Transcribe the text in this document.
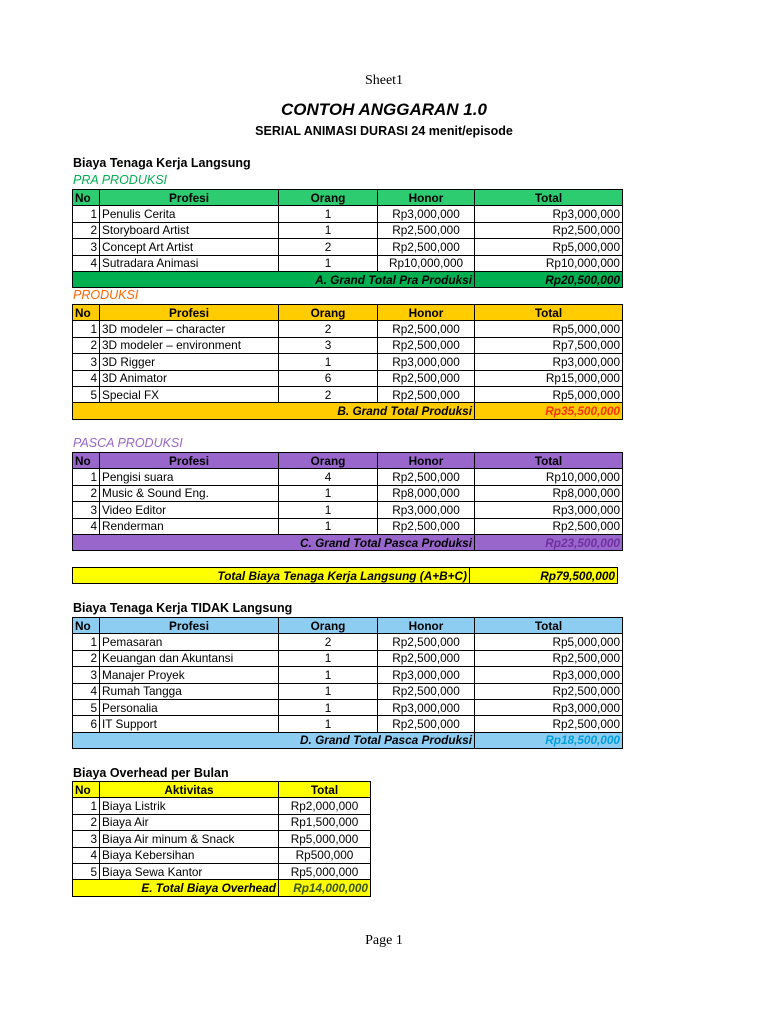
Sheet1
CONTOH ANGGARAN 1.0
SERIAL ANIMASI DURASI 24 menit/episode
Biaya Tenaga Kerja Langsung
PRA PRODUKSI
No	Profesi	Orang	Honor	Total
1	Penulis Cerita	1	Rp3,000,000	Rp3,000,000
2	Storyboard Artist	1	Rp2,500,000	Rp2,500,000
3	Concept Art Artist	2	Rp2,500,000	Rp5,000,000
4	Sutradara Animasi	1	Rp10,000,000	Rp10,000,000
A. Grand Total Pra Produksi				Rp20,500,000
PRODUKSI
No	Profesi	Orang	Honor	Total
1	3D modeler – character	2	Rp2,500,000	Rp5,000,000
2	3D modeler – environment	3	Rp2,500,000	Rp7,500,000
3	3D Rigger	1	Rp3,000,000	Rp3,000,000
4	3D Animator	6	Rp2,500,000	Rp15,000,000
5	Special FX	2	Rp2,500,000	Rp5,000,000
B. Grand Total Produksi				Rp35,500,000
PASCA PRODUKSI
No	Profesi	Orang	Honor	Total
1	Pengisi suara	4	Rp2,500,000	Rp10,000,000
2	Music & Sound Eng.	1	Rp8,000,000	Rp8,000,000
3	Video Editor	1	Rp3,000,000	Rp3,000,000
4	Renderman	1	Rp2,500,000	Rp2,500,000
C. Grand Total Pasca Produksi				Rp23,500,000
Total Biaya Tenaga Kerja Langsung (A+B+C)	Rp79,500,000
Biaya Tenaga Kerja TIDAK Langsung
No	Profesi	Orang	Honor	Total
1	Pemasaran	2	Rp2,500,000	Rp5,000,000
2	Keuangan dan Akuntansi	1	Rp2,500,000	Rp2,500,000
3	Manajer Proyek	1	Rp3,000,000	Rp3,000,000
4	Rumah Tangga	1	Rp2,500,000	Rp2,500,000
5	Personalia	1	Rp3,000,000	Rp3,000,000
6	IT Support	1	Rp2,500,000	Rp2,500,000
D. Grand Total Pasca Produksi				Rp18,500,000
Biaya Overhead per Bulan
No	Aktivitas	Total
1	Biaya Listrik	Rp2,000,000
2	Biaya Air	Rp1,500,000
3	Biaya Air minum & Snack	Rp5,000,000
4	Biaya Kebersihan	Rp500,000
5	Biaya Sewa Kantor	Rp5,000,000
E. Total Biaya Overhead		Rp14,000,000
Page 1
